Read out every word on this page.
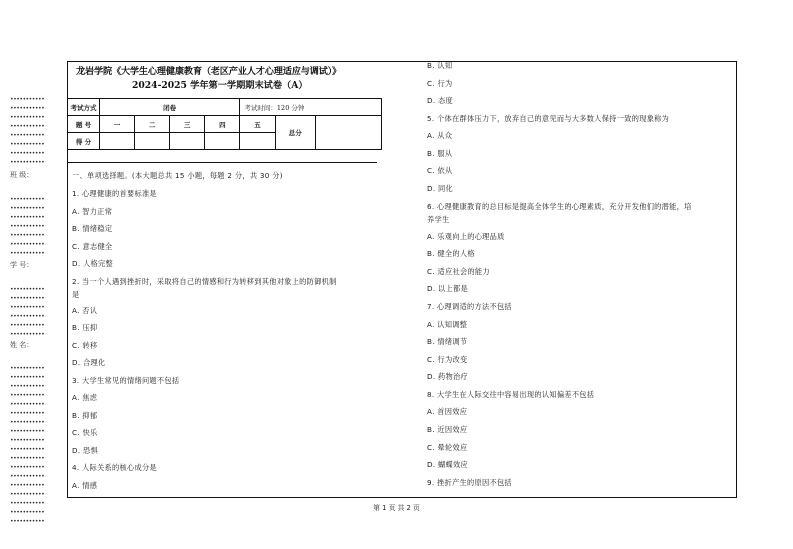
•••••••••••
•••••••••••
•••••••••••
•••••••••••
•••••••••••
•••••••••••
•••••••••••
•••••••••••
班 级：
•••••••••••
•••••••••••
•••••••••••
•••••••••••
•••••••••••
•••••••••••
•••••••••••
学 号：
•••••••••••
•••••••••••
•••••••••••
•••••••••••
•••••••••••
•••••••••••
姓 名：
•••••••••••
•••••••••••
•••••••••••
•••••••••••
•••••••••••
•••••••••••
•••••••••••
•••••••••••
•••••••••••
•••••••••••
•••••••••••
•••••••••••
•••••••••••
•••••••••••
•••••••••••
•••••••••••
•••••••••••
•••••••••••
龙岩学院《大学生心理健康教育（老区产业人才心理适应与调试）》
2024-2025 学年第一学期期末试卷（A）
考试方式	闭卷				考试时间：120 分钟		
题 号	一	二	三	四	五	总分	
得 分							
一、单项选择题。(本大题总共 15 小题，每题 2 分，共 30 分)
1. 心理健康的首要标准是
A. 智力正常
B. 情绪稳定
C. 意志健全
D. 人格完整
2. 当一个人遇到挫折时，采取将自己的情感和行为转移到其他对象上的防御机制
是
A. 否认
B. 压抑
C. 转移
D. 合理化
3. 大学生常见的情绪问题不包括
A. 焦虑
B. 抑郁
C. 快乐
D. 恐惧
4. 人际关系的核心成分是
A. 情感
B. 认知
C. 行为
D. 态度
5. 个体在群体压力下，放弃自己的意见而与大多数人保持一致的现象称为
A. 从众
B. 服从
C. 依从
D. 同化
6. 心理健康教育的总目标是提高全体学生的心理素质，充分开发他们的潜能，培
养学生
A. 乐观向上的心理品质
B. 健全的人格
C. 适应社会的能力
D. 以上都是
7. 心理调适的方法不包括
A. 认知调整
B. 情绪调节
C. 行为改变
D. 药物治疗
8. 大学生在人际交往中容易出现的认知偏差不包括
A. 首因效应
B. 近因效应
C. 晕轮效应
D. 蝴蝶效应
9. 挫折产生的原因不包括
第 1 页 共 2 页
